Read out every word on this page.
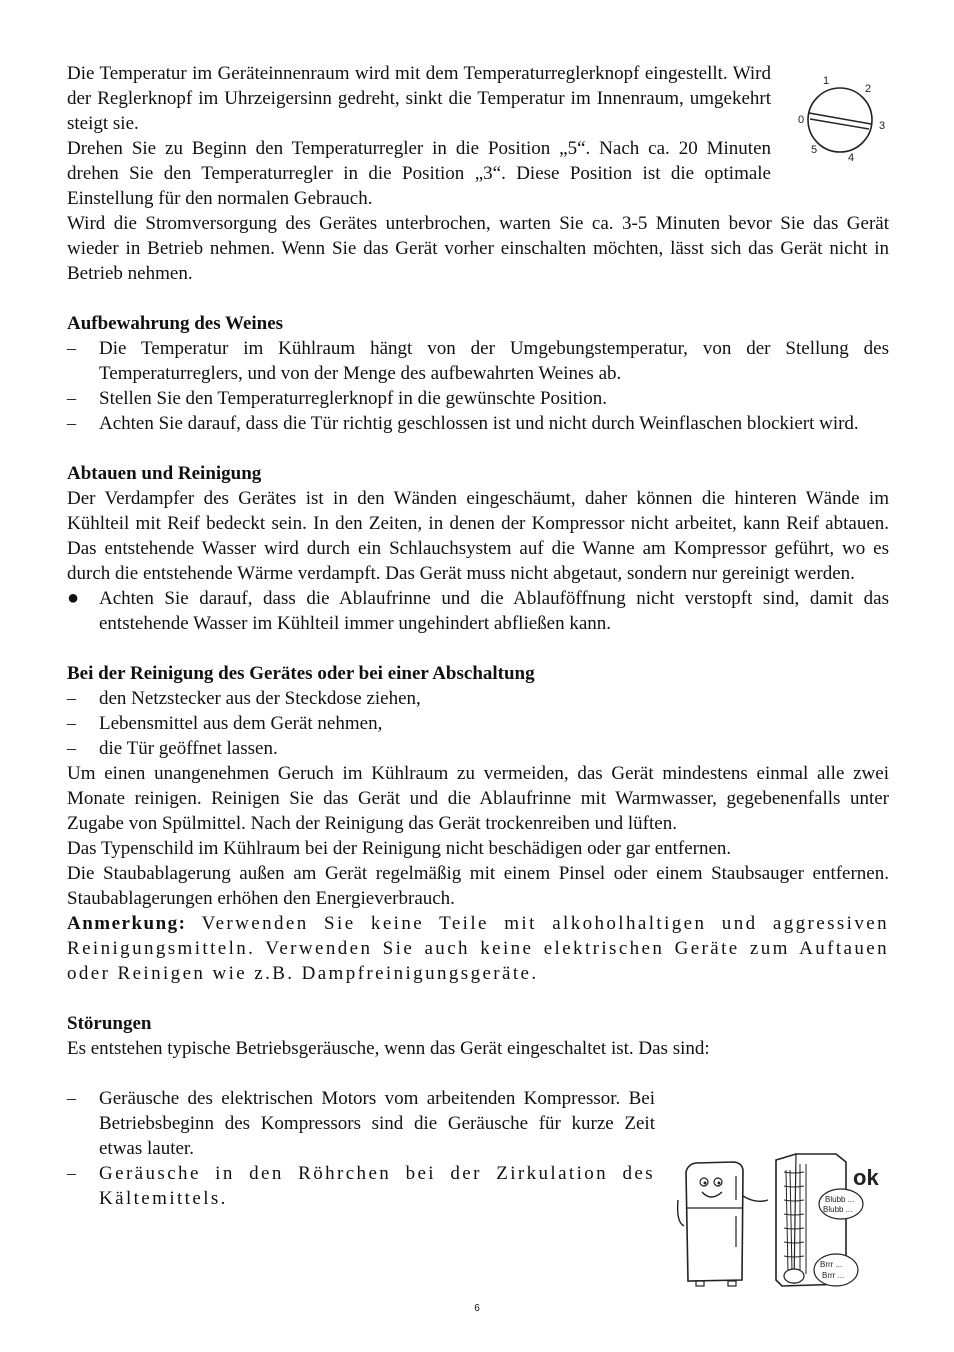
Die Temperatur im Geräteinnenraum wird mit dem Temperaturreglerknopf eingestellt. Wird der Reglerknopf im Uhrzeigersinn gedreht, sinkt die Temperatur im Innenraum, umgekehrt steigt sie.

Drehen Sie zu Beginn den Temperaturregler in die Position „5“. Nach ca. 20 Minuten drehen Sie den Temperaturregler in die Position „3“. Diese Position ist die optimale Einstellung für den normalen Gebrauch.

Wird die Stromversorgung des Gerätes unterbrochen, warten Sie ca. 3-5 Minuten bevor Sie das Gerät wieder in Betrieb nehmen. Wenn Sie das Gerät vorher einschalten möchten, lässt sich das Gerät nicht in Betrieb nehmen.

Aufbewahrung des Weines

– Die Temperatur im Kühlraum hängt von der Umgebungstemperatur, von der Stellung des Temperaturreglers, und von der Menge des aufbewahrten Weines ab.
– Stellen Sie den Temperaturreglerknopf in die gewünschte Position.
– Achten Sie darauf, dass die Tür richtig geschlossen ist und nicht durch Weinflaschen blockiert wird.

Abtauen und Reinigung

Der Verdampfer des Gerätes ist in den Wänden eingeschäumt, daher können die hinteren Wände im Kühlteil mit Reif bedeckt sein. In den Zeiten, in denen der Kompressor nicht arbeitet, kann Reif abtauen. Das entstehende Wasser wird durch ein Schlauchsystem auf die Wanne am Kompressor geführt, wo es durch die entstehende Wärme verdampft. Das Gerät muss nicht abgetaut, sondern nur gereinigt werden.

● Achten Sie darauf, dass die Ablaufrinne und die Ablauföffnung nicht verstopft sind, damit das entstehende Wasser im Kühlteil immer ungehindert abfließen kann.

Bei der Reinigung des Gerätes oder bei einer Abschaltung

– den Netzstecker aus der Steckdose ziehen,
– Lebensmittel aus dem Gerät nehmen,
– die Tür geöffnet lassen.

Um einen unangenehmen Geruch im Kühlraum zu vermeiden, das Gerät mindestens einmal alle zwei Monate reinigen. Reinigen Sie das Gerät und die Ablaufrinne mit Warmwasser, gegebenenfalls unter Zugabe von Spülmittel. Nach der Reinigung das Gerät trockenreiben und lüften.

Das Typenschild im Kühlraum bei der Reinigung nicht beschädigen oder gar entfernen.

Die Staubablagerung außen am Gerät regelmäßig mit einem Pinsel oder einem Staubsauger entfernen. Staubablagerungen erhöhen den Energieverbrauch.

Anmerkung: Verwenden Sie keine Teile mit alkoholhaltigen und aggressiven Reinigungsmitteln. Verwenden Sie auch keine elektrischen Geräte zum Auftauen oder Reinigen wie z.B. Dampfreinigungsgeräte.

Störungen

Es entstehen typische Betriebsgeräusche, wenn das Gerät eingeschaltet ist. Das sind:

– Geräusche des elektrischen Motors vom arbeitenden Kompressor. Bei Betriebsbeginn des Kompressors sind die Geräusche für kurze Zeit etwas lauter.
– Geräusche in den Röhrchen bei der Zirkulation des Kältemittels.
1
2
0	3
5
4
Blubb ...
Blubb ...
Brrr ...
Brrr ...
ok
6
